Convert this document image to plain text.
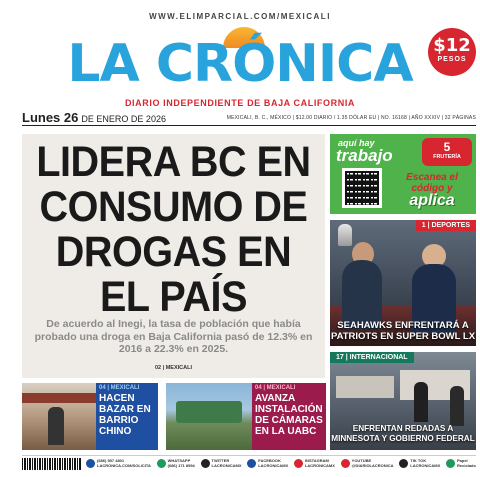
WWW.ELIMPARCIAL.COM/MEXICALI
LA CRÓNICA	$12
PESOS
DIARIO INDEPENDIENTE DE BAJA CALIFORNIA
Lunes 26 DE ENERO DE 2026	MEXICALI, B. C., MÉXICO | $12.00 DIARIO / 1.35 DÓLAR EU | NO. 16168 | AÑO XXXIV | 32 PÁGINAS
LIDERA BC EN CONSUMO DE DROGAS EN EL PAÍS
De acuerdo al Inegi, la tasa de población que había probado una droga en Baja California pasó de 12.3% en 2016 a 22.3% en 2025.
02 | MEXICALI
aquí hay
trabajo	5
FRUTERÍA
Escanea el código y
aplica
1 | DEPORTES
SEAHAWKS ENFRENTARÁ A PATRIOTS EN SUPER BOWL LX
17 | INTERNACIONAL
ENFRENTAN REDADAS A MINNESOTA Y GOBIERNO FEDERAL
04 | MEXICALI
HACEN BAZAR EN BARRIO CHINO
04 | MEXICALI
AVANZA INSTALACIÓN DE CÁMARAS EN LA UABC
(686) 557 4801
LACRONICA.COM/SOLICITA
WHATSAPP
(686) 171 8594
TWITTER
LACRONICAMX
FACEBOOK
LACRONICAMX
INSTAGRAM
LACRONICAMX
YOUTUBE
@DIARIOLACRONICA
TIK TOK
LACRONICAMX
Papel
Reciclado
